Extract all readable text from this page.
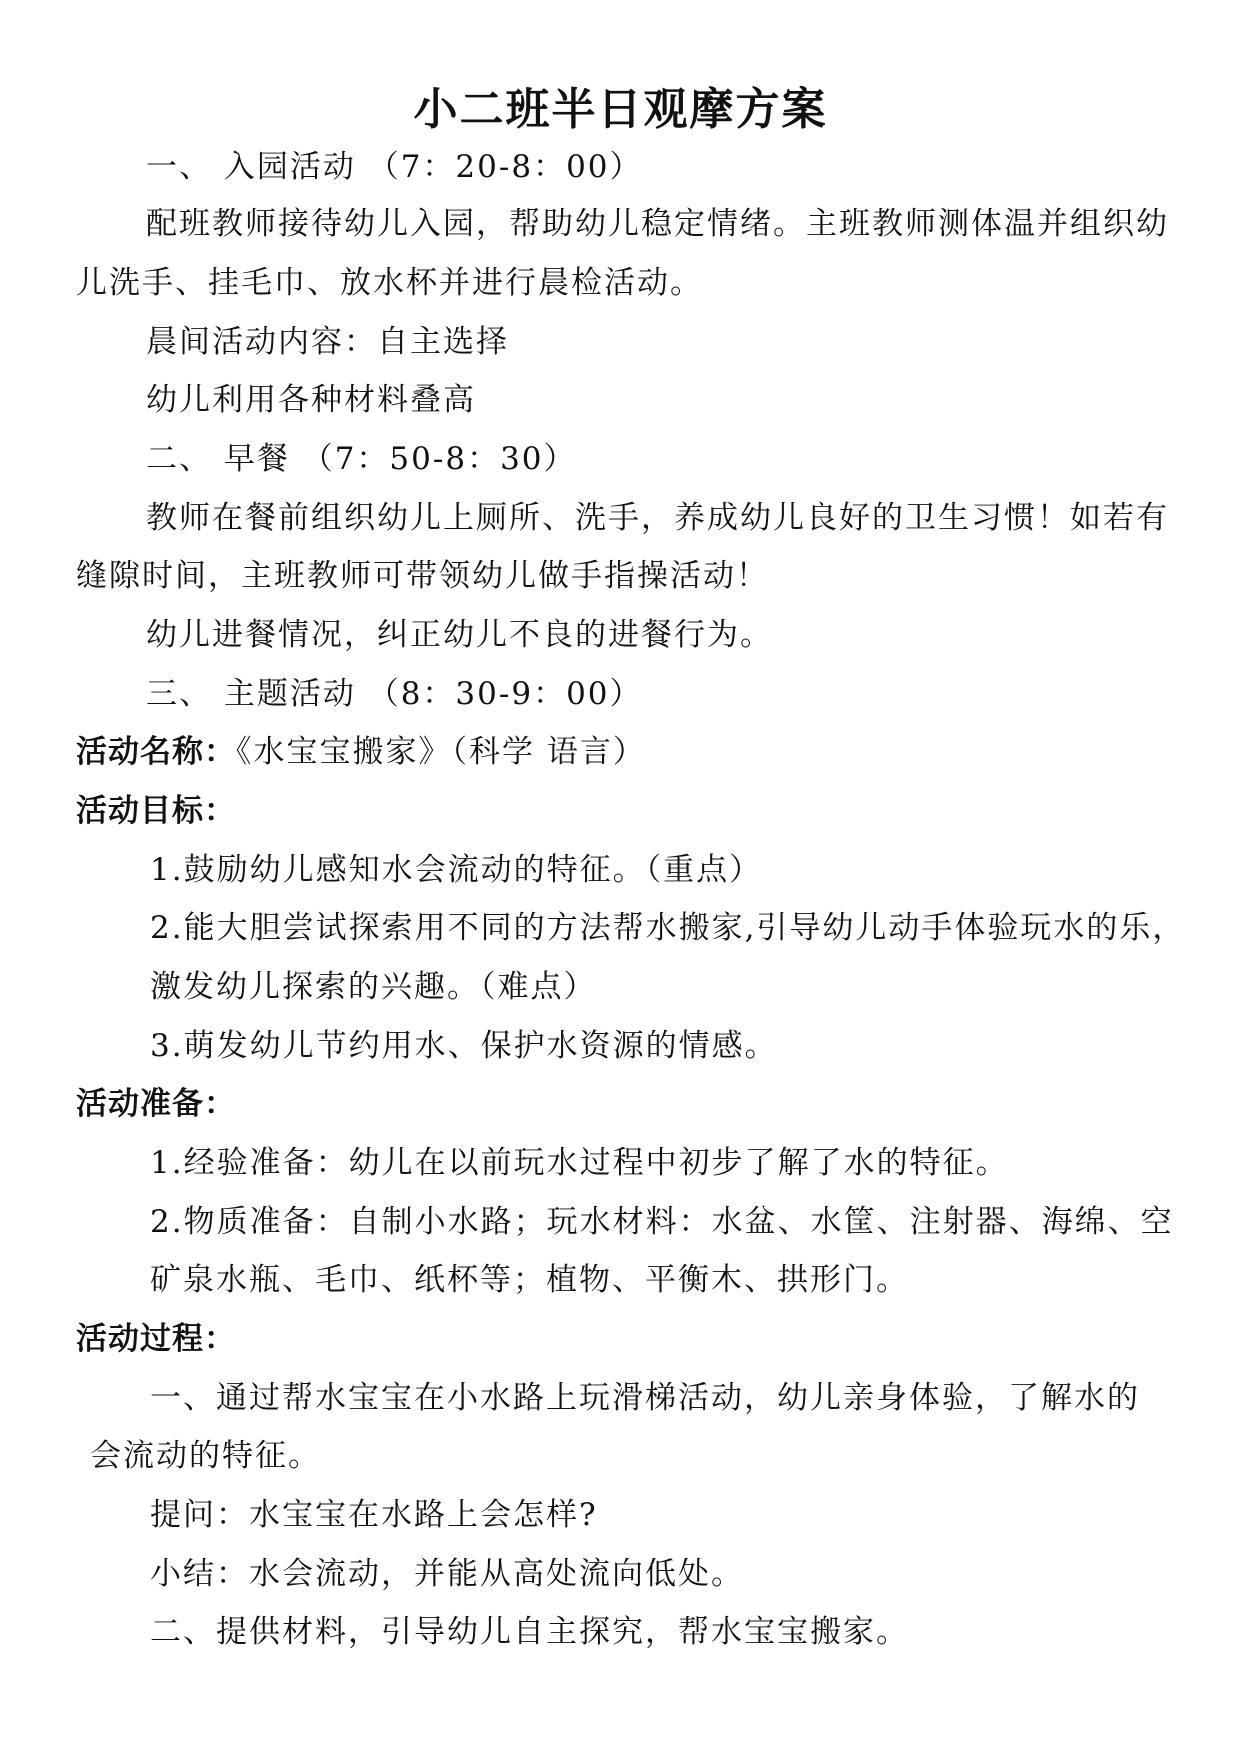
小二班半日观摩方案
一、 入园活动 （7：20-8：00）
配班教师接待幼儿入园，帮助幼儿稳定情绪。主班教师测体温并组织幼
儿洗手、挂毛巾、放水杯并进行晨检活动。
晨间活动内容：自主选择
幼儿利用各种材料叠高
二、 早餐 （7：50-8：30）
教师在餐前组织幼儿上厕所、洗手，养成幼儿良好的卫生习惯！如若有
缝隙时间，主班教师可带领幼儿做手指操活动！
幼儿进餐情况，纠正幼儿不良的进餐行为。
三、 主题活动 （8：30-9：00）
活动名称：《水宝宝搬家》（科学 语言）
活动目标：
1.鼓励幼儿感知水会流动的特征。（重点）
2.能大胆尝试探索用不同的方法帮水搬家,引导幼儿动手体验玩水的乐，
激发幼儿探索的兴趣。（难点）
3.萌发幼儿节约用水、保护水资源的情感。
活动准备：
1.经验准备：幼儿在以前玩水过程中初步了解了水的特征。
2.物质准备：自制小水路；玩水材料：水盆、水筐、注射器、海绵、空
矿泉水瓶、毛巾、纸杯等；植物、平衡木、拱形门。
活动过程：
一、通过帮水宝宝在小水路上玩滑梯活动，幼儿亲身体验，了解水的
会流动的特征。
提问：水宝宝在水路上会怎样?
小结：水会流动，并能从高处流向低处。
二、提供材料，引导幼儿自主探究，帮水宝宝搬家。
